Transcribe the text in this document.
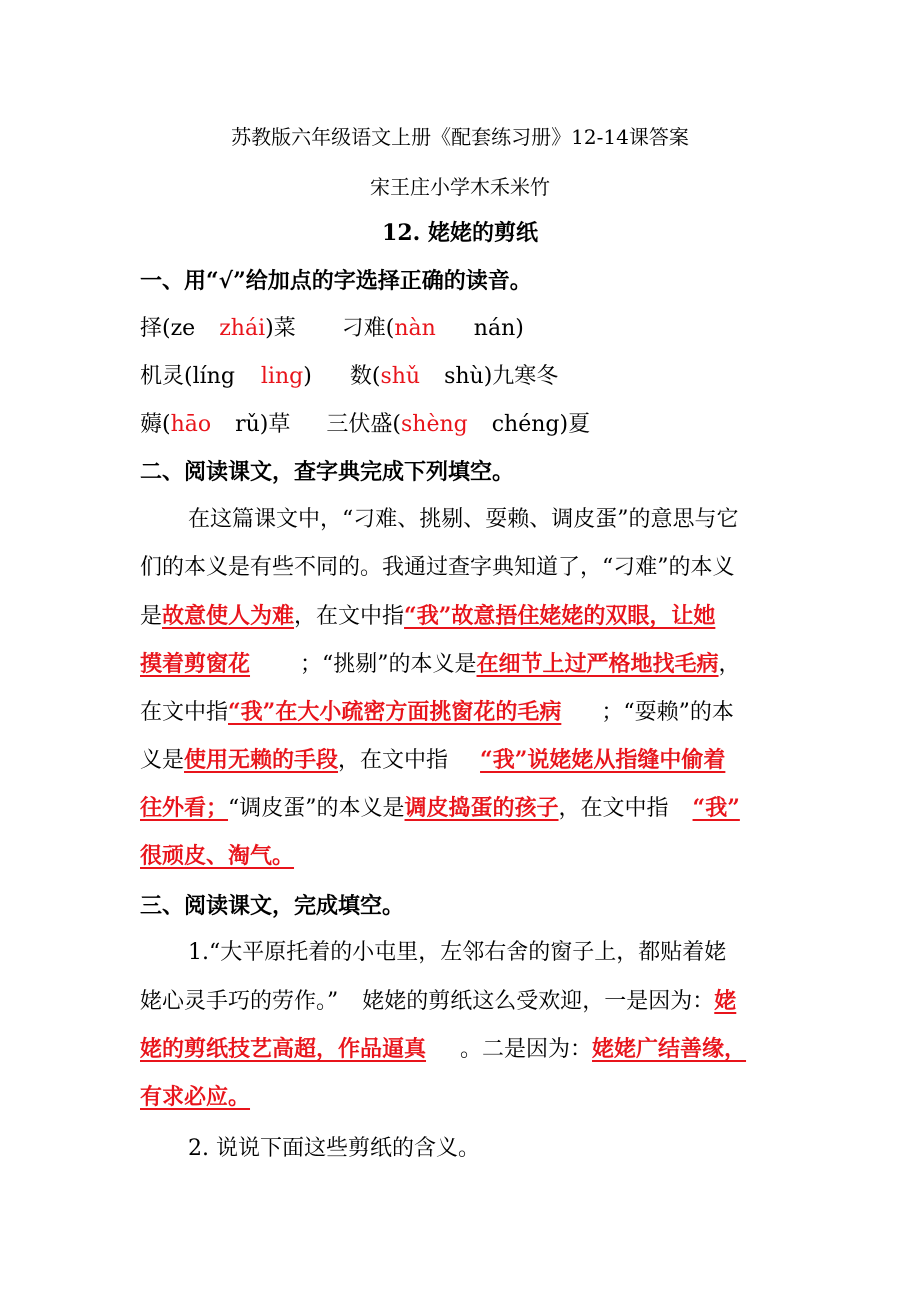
苏教版六年级语文上册《配套练习册》12-14课答案
宋王庄小学木禾米竹
12. 姥姥的剪纸
一、用“√”给加点的字选择正确的读音。
择(ze zhái)菜 刁难(nàn nán)
机灵(líng ling) 数(shǔ shù)九寒冬
薅(hāo rǔ)草 三伏盛(shèng chéng)夏
二、阅读课文，查字典完成下列填空。
在这篇课文中，“刁难、挑剔、耍赖、调皮蛋”的意思与它
们的本义是有些不同的。我通过查字典知道了，“刁难”的本义
是故意使人为难，在文中指“我”故意捂住姥姥的双眼，让她
摸着剪窗花 ；“挑剔”的本义是在细节上过严格地找毛病，
在文中指“我”在大小疏密方面挑窗花的毛病 ；“耍赖”的本
义是使用无赖的手段，在文中指 “我”说姥姥从指缝中偷着
往外看；“调皮蛋”的本义是调皮捣蛋的孩子，在文中指 “我”
很顽皮、淘气。
三、阅读课文，完成填空。
1.“大平原托着的小屯里，左邻右舍的窗子上，都贴着姥
姥心灵手巧的劳作。” 姥姥的剪纸这么受欢迎，一是因为：姥
姥的剪纸技艺高超，作品逼真 。二是因为：姥姥广结善缘，
有求必应。
2. 说说下面这些剪纸的含义。
